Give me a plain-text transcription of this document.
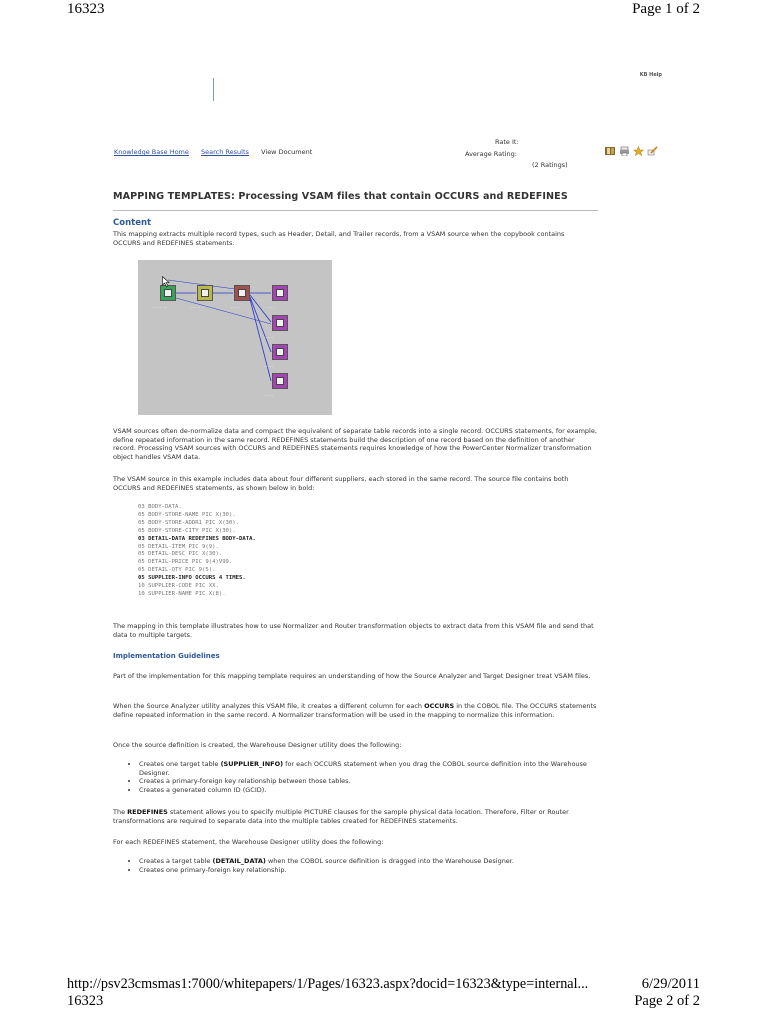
16323	Page 1 of 2
KB Help
Knowledge Base Home Search Results View Document
Rate It:
Average Rating:
(2 Ratings)
MAPPING TEMPLATES: Processing VSAM files that contain OCCURS and REDEFINES
Content
This mapping extracts multiple record types, such as Header, Detail, and Trailer records, from a VSAM source when the copybook contains OCCURS and REDEFINES statements.
········ ···	········ ··	·······	·······
········
········
········
VSAM sources often de-normalize data and compact the equivalent of separate table records into a single record. OCCURS statements, for example, define repeated information in the same record. REDEFINES statements build the description of one record based on the definition of another record. Processing VSAM sources with OCCURS and REDEFINES statements requires knowledge of how the PowerCenter Normalizer transformation object handles VSAM data.
The VSAM source in this example includes data about four different suppliers, each stored in the same record. The source file contains both OCCURS and REDEFINES statements, as shown below in bold:
03 BODY-DATA.
05 BODY-STORE-NAME PIC X(30).
05 BODY-STORE-ADDR1 PIC X(30).
05 BODY-STORE-CITY PIC X(30).
03 DETAIL-DATA REDEFINES BODY-DATA.
05 DETAIL-ITEM PIC 9(9).
05 DETAIL-DESC PIC X(30).
05 DETAIL-PRICE PIC 9(4)V99.
05 DETAIL-QTY PIC 9(5).
05 SUPPLIER-INFO OCCURS 4 TIMES.
10 SUPPLIER-CODE PIC XX.
10 SUPPLIER-NAME PIC X(8).
The mapping in this template illustrates how to use Normalizer and Router transformation objects to extract data from this VSAM file and send that data to multiple targets.
Implementation Guidelines
Part of the implementation for this mapping template requires an understanding of how the Source Analyzer and Target Designer treat VSAM files.
When the Source Analyzer utility analyzes this VSAM file, it creates a different column for each OCCURS in the COBOL file. The OCCURS statements define repeated information in the same record. A Normalizer transformation will be used in the mapping to normalize this information.
Once the source definition is created, the Warehouse Designer utility does the following:
• Creates one target table (SUPPLIER_INFO) for each OCCURS statement when you drag the COBOL source definition into the Warehouse Designer.
• Creates a primary-foreign key relationship between those tables.
• Creates a generated column ID (GCID).
The REDEFINES statement allows you to specify multiple PICTURE clauses for the sample physical data location. Therefore, Filter or Router transformations are required to separate data into the multiple tables created for REDEFINES statements.
For each REDEFINES statement, the Warehouse Designer utility does the following:
• Creates a target table (DETAIL_DATA) when the COBOL source definition is dragged into the Warehouse Designer.
• Creates one primary-foreign key relationship.
http://psv23cmsmas1:7000/whitepapers/1/Pages/16323.aspx?docid=16323&type=internal...	6/29/2011
16323	Page 2 of 2
